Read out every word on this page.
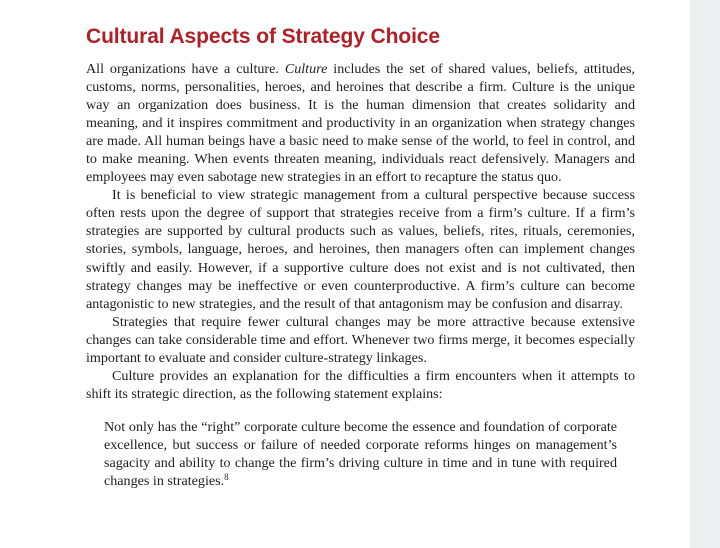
Cultural Aspects of Strategy Choice

All organizations have a culture. Culture includes the set of shared values, beliefs, attitudes, customs, norms, personalities, heroes, and heroines that describe a firm. Culture is the unique way an organization does business. It is the human dimension that creates solidarity and meaning, and it inspires commitment and productivity in an organization when strategy changes are made. All human beings have a basic need to make sense of the world, to feel in control, and to make meaning. When events threaten meaning, individuals react defensively. Managers and employees may even sabotage new strategies in an effort to recapture the status quo.

It is beneficial to view strategic management from a cultural perspective because success often rests upon the degree of support that strategies receive from a firm’s culture. If a firm’s strategies are supported by cultural products such as values, beliefs, rites, rituals, ceremonies, stories, symbols, language, heroes, and heroines, then managers often can implement changes swiftly and easily. However, if a supportive culture does not exist and is not cultivated, then strategy changes may be ineffective or even counterproductive. A firm’s culture can become antagonistic to new strategies, and the result of that antagonism may be confusion and disarray.

Strategies that require fewer cultural changes may be more attractive because extensive changes can take considerable time and effort. Whenever two firms merge, it becomes especially important to evaluate and consider culture-strategy linkages.

Culture provides an explanation for the difficulties a firm encounters when it attempts to shift its strategic direction, as the following statement explains:

Not only has the “right” corporate culture become the essence and foundation of corporate excellence, but success or failure of needed corporate reforms hinges on management’s sagacity and ability to change the firm’s driving culture in time and in tune with required changes in strategies.$^8$
